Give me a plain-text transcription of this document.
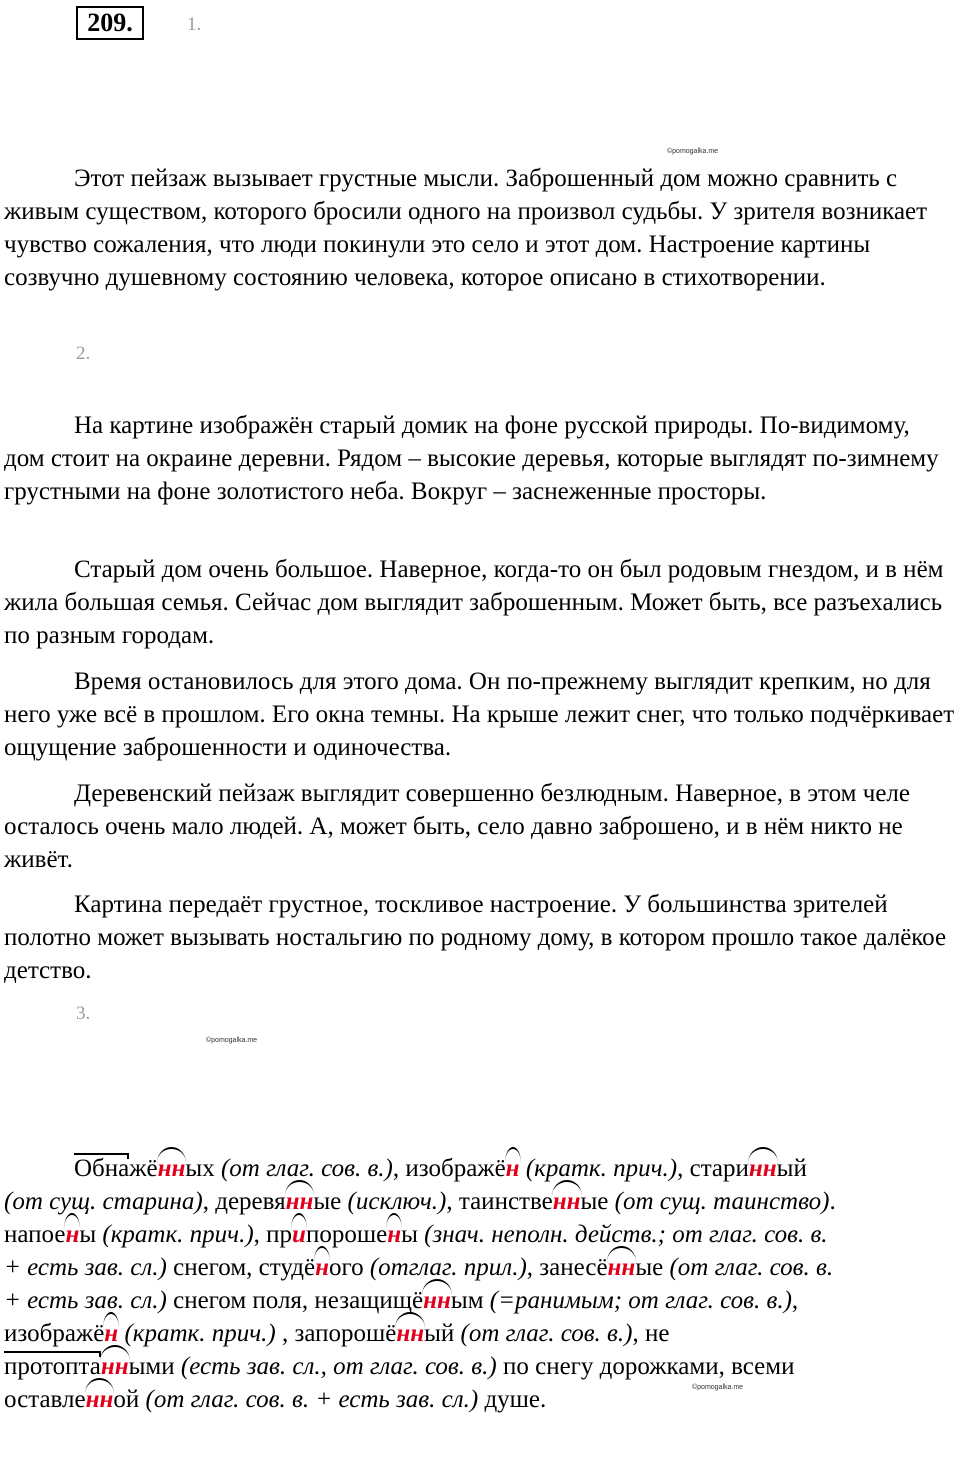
209.	1.
©pomogalka.me

Этот пейзаж вызывает грустные мысли. Заброшенный дом можно сравнить с живым существом, которого бросили одного на произвол судьбы. У зрителя возникает чувство сожаления, что люди покинули это село и этот дом. Настроение картины созвучно душевному состоянию человека, которое описано в стихотворении.

2.

На картине изображён старый домик на фоне русской природы. По-видимому, дом стоит на окраине деревни. Рядом – высокие деревья, которые выглядят по-зимнему грустными на фоне золотистого неба. Вокруг – заснеженные просторы.

Старый дом очень большое. Наверное, когда-то он был родовым гнездом, и в нём жила большая семья. Сейчас дом выглядит заброшенным. Может быть, все разъехались по разным городам.

Время остановилось для этого дома. Он по-прежнему выглядит крепким, но для него уже всё в прошлом. Его окна темны. На крыше лежит снег, что только подчёркивает ощущение заброшенности и одиночества.

Деревенский пейзаж выглядит совершенно безлюдным. Наверное, в этом челе осталось очень мало людей. А, может быть, село давно заброшено, и в нём никто не живёт.

Картина передаёт грустное, тоскливое настроение. У большинства зрителей полотно может вызывать ностальгию по родному дому, в котором прошло такое далёкое детство.

3.
©pomogalka.me
Обнажённых (от глаг. сов. в.), изображён (кратк. прич.), старинный
(от сущ. старина), деревянные (исключ.), таинственные (от сущ. таинство).
напоены (кратк. прич.), припорошены (знач. неполн. действ.; от глаг. сов. в.
+ есть зав. сл.) снегом, студёного (отглаг. прил.), занесённые (от глаг. сов. в.
+ есть зав. сл.) снегом поля, незащищённым (=ранимым; от глаг. сов. в.),
изображён (кратк. прич.) , запорошённый (от глаг. сов. в.), не
протоптанными (есть зав. сл., от глаг. сов. в.) по снегу дорожками, всеми
оставленной (от глаг. сов. в. + есть зав. сл.) душе.	©pomogalka.me
